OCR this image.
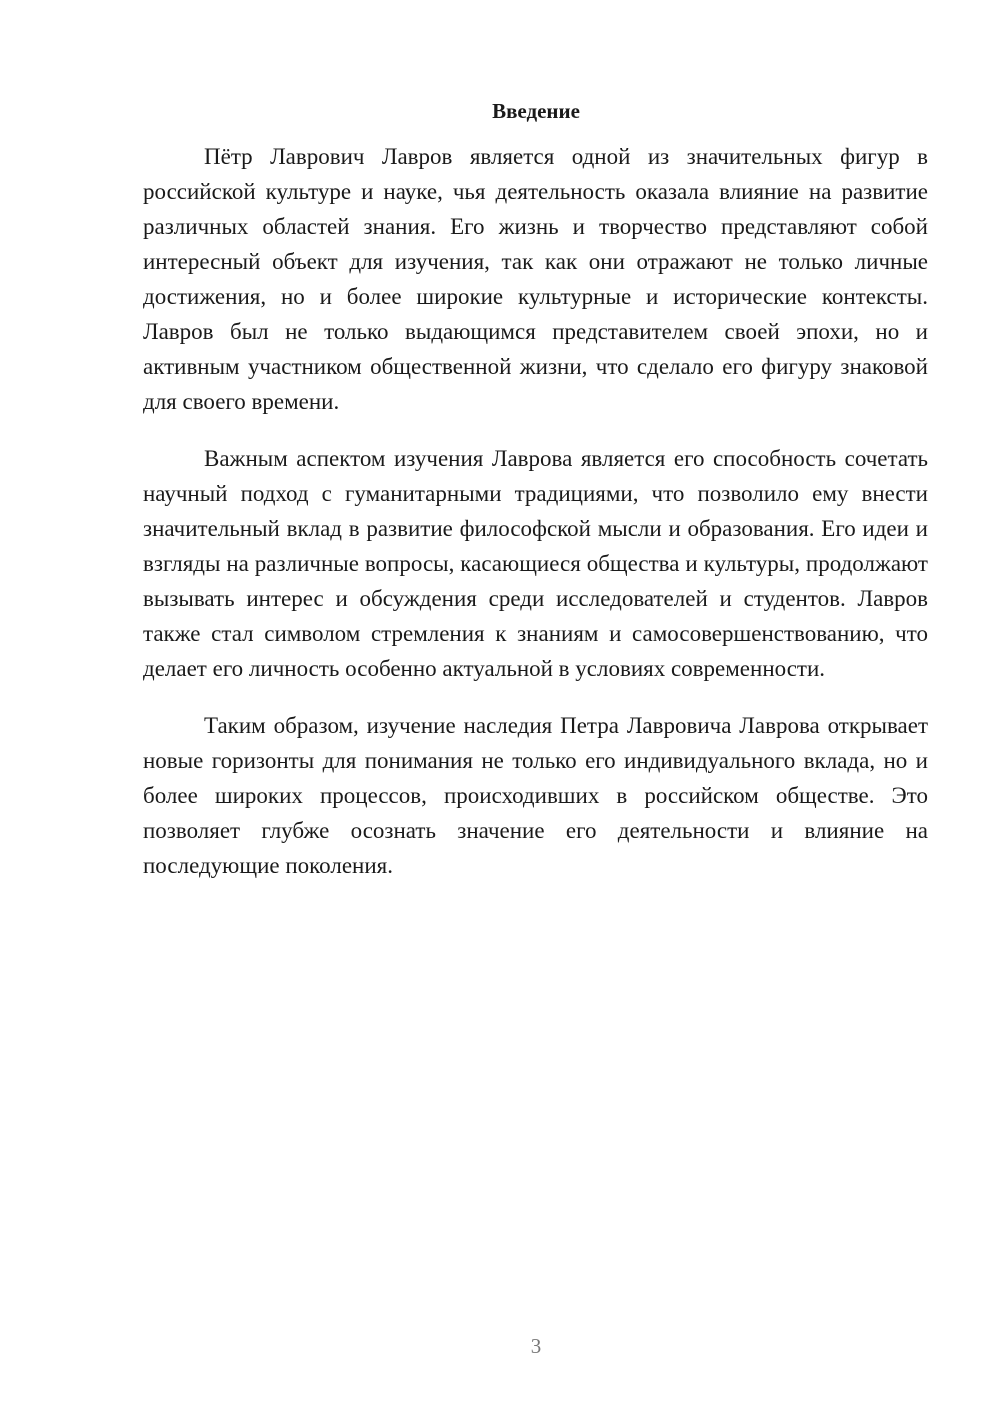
Введение

Пётр Лаврович Лавров является одной из значительных фигур в российской культуре и науке, чья деятельность оказала влияние на развитие различных областей знания. Его жизнь и творчество представляют собой интересный объект для изучения, так как они отражают не только личные достижения, но и более широкие культурные и исторические контексты. Лавров был не только выдающимся представителем своей эпохи, но и активным участником общественной жизни, что сделало его фигуру знаковой для своего времени.

Важным аспектом изучения Лаврова является его способность сочетать научный подход с гуманитарными традициями, что позволило ему внести значительный вклад в развитие философской мысли и образования. Его идеи и взгляды на различные вопросы, касающиеся общества и культуры, продолжают вызывать интерес и обсуждения среди исследователей и студентов. Лавров также стал символом стремления к знаниям и самосовершенствованию, что делает его личность особенно актуальной в условиях современности.

Таким образом, изучение наследия Петра Лавровича Лаврова открывает новые горизонты для понимания не только его индивидуального вклада, но и более широких процессов, происходивших в российском обществе. Это позволяет глубже осознать значение его деятельности и влияние на последующие поколения.

3
